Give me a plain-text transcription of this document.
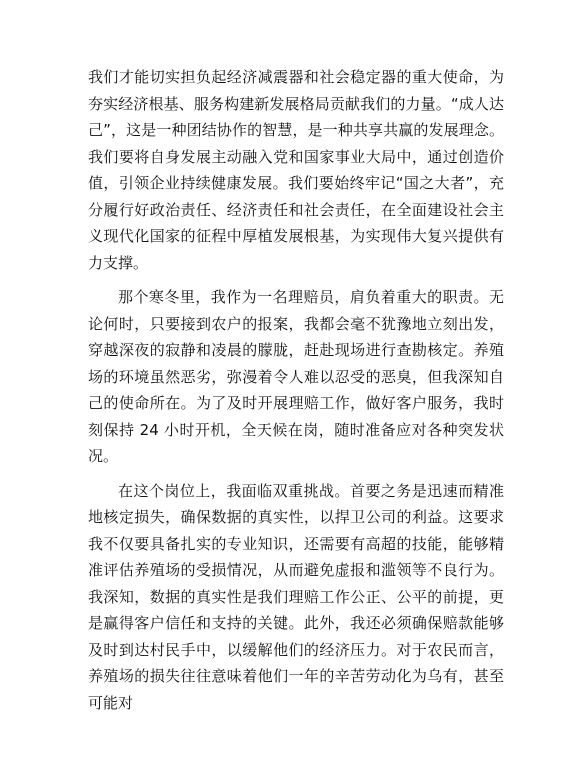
我们才能切实担负起经济减震器和社会稳定器的重大使命，为夯实经济根基、服务构建新发展格局贡献我们的力量。“成人达己”，这是一种团结协作的智慧，是一种共享共赢的发展理念。我们要将自身发展主动融入党和国家事业大局中，通过创造价值，引领企业持续健康发展。我们要始终牢记“国之大者”，充分履行好政治责任、经济责任和社会责任，在全面建设社会主义现代化国家的征程中厚植发展根基，为实现伟大复兴提供有力支撑。

那个寒冬里，我作为一名理赔员，肩负着重大的职责。无论何时，只要接到农户的报案，我都会毫不犹豫地立刻出发，穿越深夜的寂静和凌晨的朦胧，赶赴现场进行查勘核定。养殖场的环境虽然恶劣，弥漫着令人难以忍受的恶臭，但我深知自己的使命所在。为了及时开展理赔工作，做好客户服务，我时刻保持 24 小时开机，全天候在岗，随时准备应对各种突发状况。

在这个岗位上，我面临双重挑战。首要之务是迅速而精准地核定损失，确保数据的真实性，以捍卫公司的利益。这要求我不仅要具备扎实的专业知识，还需要有高超的技能，能够精准评估养殖场的受损情况，从而避免虚报和滥领等不良行为。我深知，数据的真实性是我们理赔工作公正、公平的前提，更是赢得客户信任和支持的关键。此外，我还必须确保赔款能够及时到达村民手中，以缓解他们的经济压力。对于农民而言，养殖场的损失往往意味着他们一年的辛苦劳动化为乌有，甚至可能对
